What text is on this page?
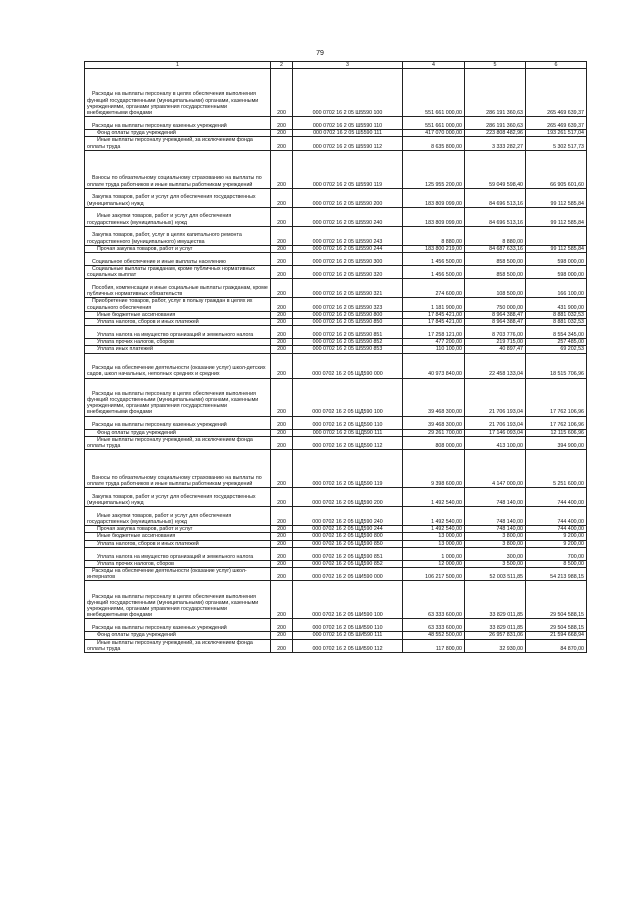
79
1	2	3	4	5	6
Расходы на выплаты персоналу в целях обеспечения выполнения функций государственными (муниципальными) органами, казенными учреждениями, органами управления государственными внебюджетными фондами	200	000 0702 16 2 05 Ш5590 100	551 661 000,00	286 191 360,63	265 469 639,37
Расходы на выплаты персоналу казенных учреждений	200	000 0702 16 2 05 Ш5590 110	551 661 000,00	286 191 360,63	265 469 639,37
Фонд оплаты труда учреждений	200	000 0702 16 2 05 Ш5590 111	417 070 000,00	223 808 482,96	193 261 517,04
Иные выплаты персоналу учреждений, за исключением фонда оплаты труда	200	000 0702 16 2 05 Ш5590 112	8 635 800,00	3 333 282,27	5 302 517,73
Взносы по обязательному социальному страхованию на выплаты по оплате труда работников и иные выплаты работникам учреждений	200	000 0702 16 2 05 Ш5590 119	125 955 200,00	59 049 598,40	66 905 601,60
Закупка товаров, работ и услуг для обеспечения государственных (муниципальных) нужд	200	000 0702 16 2 05 Ш5590 200	183 809 099,00	84 696 513,16	99 112 585,84
Иные закупки товаров, работ и услуг для обеспечения государственных (муниципальных) нужд	200	000 0702 16 2 05 Ш5590 240	183 809 099,00	84 696 513,16	99 112 585,84
Закупка товаров, работ, услуг в целях капитального ремонта государственного (муниципального) имущества	200	000 0702 16 2 05 Ш5590 243	8 880,00	8 880,00	
Прочая закупка товаров, работ и услуг	200	000 0702 16 2 05 Ш5590 244	183 800 219,00	84 687 633,16	99 112 585,84
Социальное обеспечение и иные выплаты населению	200	000 0702 16 2 05 Ш5590 300	1 456 500,00	858 500,00	598 000,00
Социальные выплаты гражданам, кроме публичных нормативных социальных выплат	200	000 0702 16 2 05 Ш5590 320	1 456 500,00	858 500,00	598 000,00
Пособия, компенсации и иные социальные выплаты гражданам, кроме публичных нормативных обязательств	200	000 0702 16 2 05 Ш5590 321	274 600,00	108 500,00	166 100,00
Приобретение товаров, работ, услуг в пользу граждан в целях их социального обеспечения	200	000 0702 16 2 05 Ш5590 323	1 181 900,00	750 000,00	431 900,00
Иные бюджетные ассигнования	200	000 0702 16 2 05 Ш5590 800	17 845 421,00	8 964 388,47	8 881 032,53
Уплата налогов, сборов и иных платежей	200	000 0702 16 2 05 Ш5590 850	17 845 421,00	8 964 388,47	8 881 032,53
Уплата налога на имущество организаций и земельного налога	200	000 0702 16 2 05 Ш5590 851	17 258 121,00	8 703 776,00	8 554 345,00
Уплата прочих налогов, сборов	200	000 0702 16 2 05 Ш5590 852	477 200,00	219 715,00	257 485,00
Уплата иных платежей	200	000 0702 16 2 05 Ш5590 853	110 100,00	40 897,47	69 202,53
Расходы на обеспечение деятельности (оказание услуг) школ-детских садов, школ начальных, неполных средних и средних	200	000 0702 16 2 05 ЩД590 000	40 973 840,00	22 458 133,04	18 515 706,96
Расходы на выплаты персоналу в целях обеспечения выполнения функций государственными (муниципальными) органами, казенными учреждениями, органами управления государственными внебюджетными фондами	200	000 0702 16 2 05 ЩД590 100	39 468 300,00	21 706 193,04	17 762 106,96
Расходы на выплаты персоналу казенных учреждений	200	000 0702 16 2 05 ЩД590 110	39 468 300,00	21 706 193,04	17 762 106,96
Фонд оплаты труда учреждений	200	000 0702 16 2 05 ЩД590 111	29 261 700,00	17 146 093,04	12 115 606,96
Иные выплаты персоналу учреждений, за исключением фонда оплаты труда	200	000 0702 16 2 05 ЩД590 112	808 000,00	413 100,00	394 900,00
Взносы по обязательному социальному страхованию на выплаты по оплате труда работников и иные выплаты работникам учреждений	200	000 0702 16 2 05 ЩД590 119	9 398 600,00	4 147 000,00	5 251 600,00
Закупка товаров, работ и услуг для обеспечения государственных (муниципальных) нужд	200	000 0702 16 2 05 ЩД590 200	1 492 540,00	748 140,00	744 400,00
Иные закупки товаров, работ и услуг для обеспечения государственных (муниципальных) нужд	200	000 0702 16 2 05 ЩД590 240	1 492 540,00	748 140,00	744 400,00
Прочая закупка товаров, работ и услуг	200	000 0702 16 2 05 ЩД590 244	1 492 540,00	748 140,00	744 400,00
Иные бюджетные ассигнования	200	000 0702 16 2 05 ЩД590 800	13 000,00	3 800,00	9 200,00
Уплата налогов, сборов и иных платежей	200	000 0702 16 2 05 ЩД590 850	13 000,00	3 800,00	9 200,00
Уплата налога на имущество организаций и земельного налога	200	000 0702 16 2 05 ЩД590 851	1 000,00	300,00	700,00
Уплата прочих налогов, сборов	200	000 0702 16 2 05 ЩД590 852	12 000,00	3 500,00	8 500,00
Расходы на обеспечение деятельности (оказание услуг) школ-интернатов	200	000 0702 16 2 05 ШИ590 000	106 217 500,00	52 003 511,85	54 213 988,15
Расходы на выплаты персоналу в целях обеспечения выполнения функций государственными (муниципальными) органами, казенными учреждениями, органами управления государственными внебюджетными фондами	200	000 0702 16 2 05 ШИ590 100	63 333 600,00	33 829 011,85	29 504 588,15
Расходы на выплаты персоналу казенных учреждений	200	000 0702 16 2 05 ШИ590 110	63 333 600,00	33 829 011,85	29 504 588,15
Фонд оплаты труда учреждений	200	000 0702 16 2 05 ШИ590 111	48 552 500,00	26 957 831,06	21 594 668,94
Иные выплаты персоналу учреждений, за исключением фонда оплаты труда	200	000 0702 16 2 05 ШИ590 112	117 800,00	32 930,00	84 870,00
